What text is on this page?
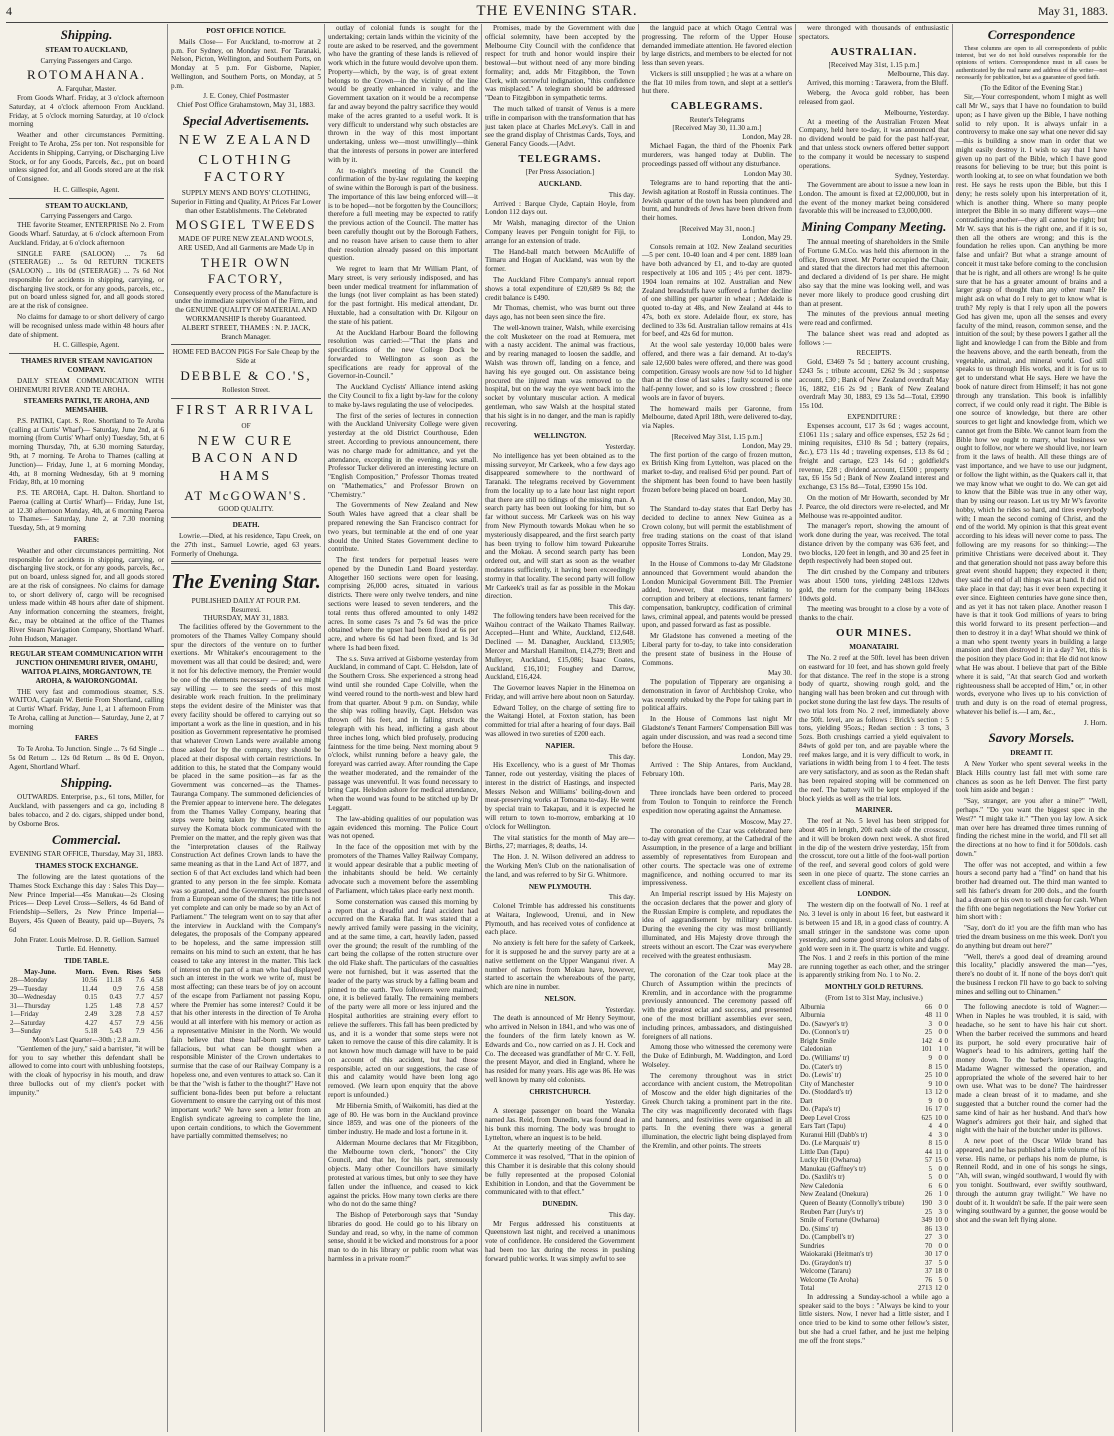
4	THE EVENING STAR.	May 31, 1883.
Shipping.
STEAM TO AUCKLAND,
Carrying Passengers and Cargo.
ROTOMAHANA.
A. Farquhar, Master.

From Goods Wharf. Friday, at 3 o'clock afternoon Saturday, at 4 o'clock afternoon From Auckland. Friday, at 5 o'clock morning Saturday, at 10 o'clock morning

Weather and other circumstances Permitting. Freight to Te Aroha, 25s per ton. Not responsible for Accidents in Shipping, Carrying, or Discharging Live Stock, or for any Goods, Parcels, &c., put on board unless signed for, and all Goods stored are at the risk of Consignee.

H. C. Gillespie, Agent.
STEAM TO AUCKLAND,
Carrying Passengers and Cargo.

THE favorite Steamer, ENTERPRISE No 2. From Goods Wharf. Saturday, at 6 o'clock afternoon From Auckland. Friday, at 6 o'clock afternoon

SINGLE FARE (SALOON) ... 7s 6d (STEERAGE) ... 5s 0d RETURN TICKETS (SALOON) ... 10s 0d (STEERAGE) ... 7s 6d Not responsible for accidents in shipping, carrying, or discharging live stock, or for any goods, parcels, etc., put on board unless signed for, and all goods stored are at the risk of consignee.

No claims for damage to or short delivery of cargo will be recognised unless made within 48 hours after date of shipment.

H. C. Gillespie, Agent.
THAMES RIVER STEAM NAVIGATION COMPANY.

DAILY STEAM COMMUNICATION WITH OHINEMURI RIVER AND TE AROHA.

STEAMERS PATIKI, TE AROHA, AND MEMSAHIB.

P.S. PATIKI, Capt. S. Roe. Shortland to Te Aroha (calling at Curtis' Wharf)— Saturday, June 2nd, at 6 morning (from Curtis' Wharf only) Tuesday, 5th, at 6 morning Thursday, 7th, at 6.30 morning Saturday, 9th, at 7 morning. Te Aroha to Thames (calling at Junction)— Friday, June 1, at 6 morning Monday, 4th, at 8 morning Wednesday, 6th at 9 morning Friday, 8th, at 10 morning

P.S. TE AROHA, Capt. H. Dalton. Shortland to Paeroa (calling at Curtis' Wharf)— Friday, June 1st, at 12.30 afternoon Monday, 4th, at 6 morning Paeroa to Thames— Saturday, June 2, at 7.30 morning Tuesday, 5th, at 9 morning

FARES:

Weather and other circumstances permitting. Not responsible for accidents in shipping, carrying, or discharging live stock, or for any goods, parcels, &c., put on board, unless signed for, and all goods stored are at the risk of consignees. No claims for damage to, or short delivery of, cargo will be recognised unless made within 48 hours after date of shipment. Any information concerning the steamers, freight, &c., may be obtained at the office of the Thames River Steam Navigation Company, Shortland Wharf. John Hudson, Manager.

REGULAR STEAM COMMUNICATION WITH JUNCTION OHINEMURI RIVER, OMAHU, WAITOA PLAINS, MORGANTOWN, TE AROHA, & WAIORONGOMAI.

THE very fast and commodious steamer, S.S. WAITOA, Captain W. Bettie From Shortland, calling at Curtis' Wharf. Friday, June 1, at 1 afternoon From Te Aroha, calling at Junction— Saturday, June 2, at 7 morning

FARES

To Te Aroha. To Junction. Single ... 7s 6d Single ... 5s 0d Return ... 12s 0d Return ... 8s 0d E. Onyon, Agent, Shortland Wharf.

Shipping.

OUTWARDS. Enterprise, p.s., 61 tons, Miller, for Auckland, with passengers and ca go, including 8 bales tobacco, and 2 do. cigars, shipped under bond, by Osborne Bros.

Commercial.
EVENING STAR OFFICE, Thursday, May 31, 1883.
THAMES STOCK EXCHANGE.

The following are the latest quotations of the Thames Stock Exchange this day : Sales This Day— New Prince Imperial—45s Manukau—2s Closing Prices— Deep Level Cross—Sellers, 4s 6d Band of Friendship—Sellers, 2s New Prince Imperial—Buyers, 45s Queen of Beauty, paid up—Buyers, 7s 6d

John Frater. Louis Melrose. D. R. Gellion. Samuel Turtle. Ed. Hennetty.
TIDE TABLE.
May-June.	Morn.	Even.	Rises	Sets
28—Monday	10.56	11.18	7.6	4.58
29—Tuesday	11.44	0.9	7.6	4.58
30—Wednesday	0.15	0.43	7.7	4.57
31—Thursday	1.25	1.48	7.8	4.57
1—Friday	2.49	3.28	7.8	4.57
2—Saturday	4.27	4.57	7.9	4.56
3—Sunday	5.18	5.43	7.9	4.56
Moon's Last Quarter—30th ; 2.8 a.m.

"Gentlemen of the jury," said a barrister, "it will be for you to say whether this defendant shall be allowed to come into court with unblushing footsteps, with the cloak of hypocrisy in his mouth, and draw three bullocks out of my client's pocket with impunity."

POST OFFICE NOTICE.

Mails Close— For Auckland, to-morrow at 2 p.m. For Sydney, on Monday next. For Taranaki, Nelson, Picton, Wellington, and Southern Ports, on Monday at 5 p.m. For Gisborne, Napier, Wellington, and Southern Ports, on Monday, at 5 p.m.

J. E. Coney, Chief Postmaster
Chief Post Office Grahamstown, May 31, 1883.
Special Advertisements.
NEW ZEALAND
CLOTHING FACTORY
SUPPLY MEN'S AND BOYS' CLOTHING, Superior in Fitting and Quality, At Prices Far Lower than other Establishments. The Celebrated
MOSGIEL TWEEDS
MADE OF PURE NEW ZEALAND WOOLS, ARE USED, And all Garments are Made Up in
THEIR OWN FACTORY,
Consequently every process of the Manufacture is under the immediate supervision of the Firm, and the GENUINE QUALITY OF MATERIAL AND WORKMANSHIP Is thereby Guaranteed.
ALBERT STREET, THAMES : N. P. JACK, Branch Manager.
HOME FED BACON PIGS For Sale Cheap by the Side at
DEBBLE & CO.'S,
Rolleston Street.
FIRST ARRIVAL
OF
NEW CURE BACON AND HAMS
AT McGOWAN'S.
GOOD QUALITY.
DEATH.

Lowrie.—Died, at his residence, Tapu Creek, on the 27th inst., Samuel Lowrie, aged 63 years. Formerly of Onehunga.

The Evening Star.
PUBLISHED DAILY AT FOUR P.M.
Resurrexi.
THURSDAY, MAY 31, 1883.

The facilities offered by the Government to the promoters of the Thames Valley Company should spur the directors of the venture on to further exertions. Mr Whitaker's encouragement to the movement was all that could be desired; and, were it not for his defective memory, the Premier would be one of the elements necessary — and we might say willing — to see the seeds of this most desirable work reach fruition. In the preliminary steps the evident desire of the Minister was that every facility should be offered to carrying out so important a work as the line in question, and in his position as Government representative he promised that whatever Crown Lands were available among those asked for by the company, they should be placed at their disposal with certain restrictions. In addition to this, he stated that the Company would be placed in the same position—as far as the Government was concerned—as the Thames-Tauranga Company. The summoned deficiencies of the Premier appear to intervene here. The delegates from the Thames Valley Company, hearing that steps were being taken by the Government to survey the Komata block communicated with the Premier on the matter, and the reply given was that the "interpretation clauses of the Railway Construction Act defines Crown lands to have the same meaning as that in the Land Act of 1877, and section 6 of that Act excludes land which had been granted to any person in the fee simple. Komata was so granted, and the Government has purchased from a European some of the shares; the title is not yet complete and can only be made so by an Act of Parliament." The telegram went on to say that after the interview in Auckland with the Company's delegates, the proposals of the Company appeared to be hopeless, and the same impression still remains on his mind to such an extent, that he has ceased to take any interest in the matter. This lack of interest on the part of a man who had displayed such an interest in the work we write of, must be most affecting; can these tears be of joy on account of the escape from Parliament not passing Kopu, where the Premier has some interest? Could it be that his other interests in the direction of Te Aroha would at all interfere with his memory or action as a representative Minister in the North. We would fain believe that these half-born surmises are fallacious, but what can be thought when a responsible Minister of the Crown undertakes to surmise that the case of our Railway Company is a hopeless one, and even ventures to attack so. Can it be that the "wish is father to the thought?" Have not sufficient bona-fides been put before a reluctant Government to ensure the carrying out of this most important work? We have seen a letter from an English syndicate agreeing to complete the line, upon certain conditions, to which the Government have partially committed themselves; no

outlay of colonial funds is sought for the undertaking; certain lands within the vicinity of the route are asked to be reserved, and the government who have the granting of these lands is relieved of work which in the future would devolve upon them. Property—which, by the way, is of great extent belongs to the Crown—in the vicinity of the line would be greatly enhanced in value, and the Government taxation on it would be a recompense far and away beyond the paltry sacrifice they would make of the acres granted to a useful work. It is very difficult to understand why such obstacles are thrown in the way of this most important undertaking, unless we—most unwillingly—think that the interests of persons in power are interfered with by it.

At to-night's meeting of the Council the confirmation of the by-law regulating the keeping of swine within the Borough is part of the business. The importance of this law being enforced will—it is to be hoped—not be forgotten by the Councillors; therefore a full meeting may be expected to ratify the previous action of the Council. The matter has been carefully thought out by the Borough Fathers, and no reason have arisen to cause them to alter their resolution already passed on this important question.

We regret to learn that Mr William Plant, of Mary street, is very seriously indisposed, and has been under medical treatment for inflammation of the lungs (not liver complaint as has been stated) for the past fortnight. His medical attendant, Dr. Huxtable, had a consultation with Dr. Kilgour on the state of his patient.

At the Auckland Harbour Board the following resolution was carried:—"That the plans and specifications of the new College Dock be forwarded to Wellington as soon as the specifications are ready for approval of the Governor-in-Council."

The Auckland Cyclists' Alliance intend asking the City Council to fix a light by-law for the colony to make by-laws regulating the use of velocipedes.

The first of the series of lectures in connection with the Auckland University College were given yesterday at the old District Courthouse, Eden street. According to previous announcement, there was no charge made for admittance, and yet the attendance, excepting in the evening, was small. Professor Tucker delivered an interesting lecture on "English Composition," Professor Thomas treated on "Mathematics," and Professor Brown on "Chemistry."

The Governments of New Zealand and New South Wales have agreed that a clear shall be prepared renewing the San Francisco contract for two years, but terminable at the end of one year should the United States Government decline to contribute.

The first tenders for perpetual leases were opened by the Dunedin Land Board yesterday. Altogether 160 sections were open for leasing, comprising 26,000 acres, situated in various districts. There were only twelve tenders, and nine sections were leased to seven tenderers, and the total rents thus offered amounted to only 1492 acres. In some cases 7s and 7s 6d was the price obtained where the upset had been fixed at 6s per acre, and where 6s 6d had been fixed, and 1s 3d where 1s had been fixed.

The s.s. Suva arrived at Gisborne yesterday from Auckland, in command of Capt. C. Helsdon, late of the Southern Cross. She experienced a strong head wind until she rounded Cape Colville, when the wind veered round to the north-west and blew hard from that quarter. About 9 p.m. on Sunday, while the ship was rolling heavily, Capt. Helsdon was thrown off his feet, and in falling struck the telegraph with his head, inflicting a gash about three inches long, which bled profusely, producing faintness for the time being. Next morning about 9 o'clock, whilst running before a heavy gale, the foreyard was carried away. After rounding the Cape the weather moderated, and the remainder of the passage was uneventful. It was found necessary to bring Capt. Helsdon ashore for medical attendance, when the wound was found to be stitched up by Dr Leggatt.

The law-abiding qualities of our population was again evidenced this morning. The Police Court was not opened.

In the face of the opposition met with by the promoters of the Thames Valley Railway Company, it would appear desirable that a public meeting of the inhabitants should be held. We certainly advocate such a movement before the assembling of Parliament, which takes place early next month.

Some consternation was caused this morning by a report that a dreadful and fatal accident had occurred on the Karaka flat. It was stated that a newly arrived family were passing in the vicinity, and at the same time, a cart, heavily laden, passed over the ground; the result of the rumbling of the cart being the collapse of the rotten structure over the old Flake shaft. The particulars of the casualties were not furnished, but it was asserted that the leader of the party was struck by a falling beam and pinned to the earth. Two followers were maimed; one, it is believed fatally. The remaining members of the party were all more or less injured and the Hospital authorities are straining every effort to relieve the sufferers. This fall has been predicted by us, and it is a wonder that some steps were not taken to remove the cause of this dire calamity. It is not known how much damage will have to be paid on account of this accident, but had those responsible, acted on our suggestions, the case of this and calamity would have been long ago removed. (We learn upon enquiry that the above report is unfounded.)

Mr Hibernia Smith, of Waikomiti, has died at the age of 80. He was born in the Auckland province since 1859, and was one of the pioneers of the timber industry. He made and lost a fortune in it.

Alderman Mourne declares that Mr Fitzgibbon, the Melbourne town clerk, "honors" the City Council, and that he, for his part, strenuously objects. Many other Councillors have similarly protested at various times, but only to see they have fallen under the influence, and ceased to kick against the pricks. How many town clerks are there who do not do the same thing?

The Bishop of Peterborough says that "Sunday libraries do good. He could go to his library on Sunday and read, so why, in the name of common sense, should it be wicked and monstrous for a poor man to do in his library or public room what was harmless in a private room?"

Promises, made by the Government with due official solemnity, have been accepted by the Melbourne City Council with the confidence that respect for truth and honor would inspire their bestowal—but without need of any more binding formality; and, adds Mr Fitzgibbon, the Town Clerk, with sorrowful indignation, "this confidence was misplaced." A telegram should be addressed "Dean to Fitzgibbon in sympathetic terms.

The much talked of transit of Venus is a mere trifle in comparison with the transformation that has just taken place at Charles McLevy's. Call in and see the grand display of Christmas Cards, Toys, and General Fancy Goods.—[Advt.

TELEGRAMS.
[Per Press Association.]
AUCKLAND.
This day.

Arrived : Barque Clyde, Captain Hoyle, from London 112 days out.

Mr Walsh, managing director of the Union Company leaves per Penguin tonight for Fiji, to arrange for an extension of trade.

The Hand-ball match between McAuliffe of Timaru and Hogan of Auckland, was won by the former.

The Auckland Fibre Company's annual report shows a total expenditure of £20,689 9s 8d; the credit balance is £490.

Mr Thomas, chemist, who was burnt out three days ago, has not been seen since the fire.

The well-known trainer, Walsh, while exercising the colt Musketeer on the road at Remuera, met with a nasty accident. The animal was fractious, and by rearing managed to loosen the saddle, and Walsh was thrown off, landing on a fence, and having his eye gouged out. On assistance being procured the injured man was removed to the hospital, but on the way the eye went back into the socket by voluntary muscular action. A medical gentleman, who saw Walsh at the hospital stated that his sight is in no danger, and the man is rapidly recovering.

WELLINGTON.
Yesterday.

No intelligence has yet been obtained as to the missing surveyor, Mr Carkeek, who a few days ago disappeared somewhere to the northward of Taranaki. The telegrams received by Government from the locality up to a late hour last night report that there are still no tidings of the missing man. A search party has been out looking for him, but so far without success. Mr Carkeek was on his way from New Plymouth towards Mokau when he so mysteriously disappeared, and the first search party has been trying to follow him toward Pukearuhe and the Mokau. A second search party has been ordered out, and will start as soon as the weather moderates sufficiently, it having been exceedingly stormy in that locality. The second party will follow Mr Carkeek's trail as far as possible in the Mokau direction.

This day.

The following tenders have been received for the Waihou contract of the Waikato Thames Railway. Accepted—Hunt and White, Auckland, £12,648. Declined — M. Danagher, Auckland, £13,905; Mercer and Marshall Hamilton, £14,279; Brett and Mulleyer, Auckland, £15,086; Isaac Coates, Auckland, £16,101; Foughey and Darrow, Auckland, £16,424.

The Governor leaves Napier in the Hinemoa on Friday, and will arrive here about noon on Saturday.

Edward Tolley, on the charge of setting fire to the Waitangi Hotel, at Foxton station, has been committed for trial after a hearing of four days. Bail was allowed in two sureties of £200 each.

NAPIER.
This day.

His Excellency, who is a guest of Mr Thomas Tanner, rode out yesterday, visiting the places of interest in the district of Hastings, and inspected Messrs Nelson and Williams' boiling-down and meat-preserving works at Tomoana to-day. He went by special train to Takapau, and it is expected he will return to town to-morrow, embarking at 10 o'clock for Wellington.

The vital statistics for the month of May are—Births, 27; marriages, 8; deaths, 14.

The Hon. J. N. Wilson delivered an address to the Working Men's Club on the nationalisation of the land, and was referred to by Sir G. Whitmore.

NEW PLYMOUTH.
This day.

Colonel Trimble has addressed his constituents at Waitara, Inglewood, Urenui, and in New Plymouth, and has received votes of confidence at each place.

No anxiety is felt here for the safety of Carkeek, for it is supposed he and the survey party are at a native settlement on the Upper Wanganui river. A number of natives from Mokau have, however, started to ascertain the whereabouts of the party, which are nine in number.

NELSON.
Yesterday.

The death is announced of Mr Henry Seymour, who arrived in Nelson in 1841, and who was one of the founders of the firm lately known as W. Edwards and Co., now carried on as J. H. Cock and Co. The deceased was grandfather of Mr C. Y. Fell, the present Mayor, and died in England, where he has resided for many years. His age was 86. He was well known by many old colonists.

CHRISTCHURCH.
Yesterday.

A steerage passenger on board the Wanaka named Jas. Reid, from Dunedin, was found dead in his bunk this morning. The body was brought to Lyttelton, where an inquest is to be held.

At the quarterly meeting of the Chamber of Commerce it was resolved, "That in the opinion of this Chamber it is desirable that this colony should be fully represented at the proposed Colonial Exhibition in London, and that the Government be communicated with to that effect."

DUNEDIN.
This day.

Mr Fergus addressed his constituents at Queenstown last night, and received a unanimous vote of confidence. He considered the Government had been too lax during the recess in pushing forward public works. It was simply awful to see

the languid pace at which Otago Central was progressing. The reform of the Upper House demanded immediate attention. He favored election by large districts, and members to be elected for not less than seven years.

Vickers is still unsupplied ; he was at a whare on the flat 10 miles from town, and slept at a settler's hut there.

CABLEGRAMS.
Reuter's Telegrams
[Received May 30, 11.30 a.m.]
London, May 28.

Michael Fagan, the third of the Phoenix Park murderers, was hanged today at Dublin. The proceedings passed off without any disturbance.

London May 30.

Telegrams are to hand reporting that the anti-Jewish agitation at Rostoff in Russia continues. The Jewish quarter of the town has been plundered and burnt, and hundreds of Jews have been driven from their homes.

[Received May 31, noon.]
London, May 29.

Consols remain at 102. New Zealand securities—5 per cent. 10-40 loan and 4 per cent. 1889 loan have both advanced by £1, and to-day are quoted respectively at 106 and 105 ; 4½ per cent. 1879-1904 loan remains at 102. Australian and New Zealand breadstuffs have suffered a further decline of one shilling per quarter in wheat ; Adelaide is quoted to-day at 48s, and New Zealand at 44s to 47s, both ex store. Adelaide flour, ex store, has declined to 33s 6d. Australian tallow remains at 41s for beef, and 42s 6d for mutton.

At the wool sale yesterday 10,000 bales were offered, and there was a fair demand. At to-day's sale 12,600 bales were offered, and there was good competition. Greasy wools are now ½d to 1d higher than at the close of last sales ; faulty scoured is one half-penny lower, and so is low crossbred ; fleece wools are in favor of buyers.

The homeward mails per Garonne, from Melbourne, dated April 18th, were delivered to-day, via Naples.

[Received May 31st, 1.15 p.m.]
London, May 29.

The first portion of the cargo of frozen mutton, ex British King from Lyttelton, was placed on the market to-day, and realised 6½d per pound. Part of the shipment has been found to have been hastily frozen before being placed on board.

London, May 30.

The Standard to-day states that Earl Derby has decided to decline to annex New Guinea as a Crown colony, but will permit the establishment of free trading stations on the coast of that island opposite Torres Straits.

London, May 29.

In the House of Commons to-day Mr Gladstone announced that Government would abandon the London Municipal Government Bill. The Premier added, however, that measures relating to corruption and bribery at elections, tenant farmers' compensation, bankruptcy, codification of criminal laws, criminal appeal, and patents would be pressed upon, and passed forward as fast as possible.

Mr Gladstone has convened a meeting of the Liberal party for to-day, to take into consideration the present state of business in the House of Commons.

May 30.

The population of Tipperary are organising a demonstration in favor of Archbishop Croke, who was recently rebuked by the Pope for taking part in political affairs.

In the House of Commons last night Mr Gladstone's Tenant Farmers' Compensation Bill was again under discussion, and was read a second time before the House.

London, May 29.

Arrived : The Ship Antares, from Auckland, February 10th.

Paris, May 28.

Three ironclads have been ordered to proceed from Toulon to Tonquin to reinforce the French expedition now operating against the Annamese.

Moscow, May 27.

The coronation of the Czar was celebrated here to-day with great ceremony, at the Cathedral of the Assumption, in the presence of a large and brilliant assembly of representatives from European and other courts. The spectacle was one of extreme magnificence, and nothing occurred to mar its impressiveness.

An Imperial rescript issued by His Majesty on the occasion declares that the power and glory of the Russian Empire is complete, and repudiates the idea of aggrandisement by military conquest. During the evening the city was most brilliantly illuminated, and His Majesty drove through the streets without an escort. The Czar was everywhere received with the greatest enthusiasm.

May 28.

The coronation of the Czar took place at the Church of Assumption within the precincts of Kremlin, and in accordance with the programme previously announced. The ceremony passed off with the greatest eclat and success, and presented one of the most brilliant assemblies ever seen, including princes, ambassadors, and distinguished foreigners of all nations.

Among those who witnessed the ceremony were the Duke of Edinburgh, M. Waddington, and Lord Wolseley.

The ceremony throughout was in strict accordance with ancient custom, the Metropolitan of Moscow and the elder high dignitaries of the Greek Church taking a prominent part in the rite. The city was magnificently decorated with flags and banners, and festivities were organised in all parts. In the evening there was a general illumination, the electric light being displayed from the Kremlin, and other points. The streets

were thronged with thousands of enthusiastic spectators.

AUSTRALIAN.
[Received May 31st, 1.15 p.m.]
Melbourne, This day.

Arrived, this morning : Tarawera, from the Bluff.

Weberg, the Avoca gold robber, has been released from gaol.

Melbourne, Yesterday.

At a meeting of the Australian Frozen Meat Company, held here to-day, it was announced that no dividend would be paid for the past half-year, and that unless stock owners offered better support to the company it would be necessary to suspend operations.

Sydney, Yesterday.

The Government are about to issue a new loan in London. The amount is fixed at £2,000,000, but in the event of the money market being considered favorable this will be increased to £3,000,000.

Mining Company Meeting.

The annual meeting of shareholders in the Smile of Fortune G.M.Co. was held this afternoon in the office, Brown street. Mr Porter occupied the Chair, and stated that the directors had met this afternoon and declared a dividend of 1s per share. He might also say that the mine was looking well, and was never more likely to produce good crushing dirt than at present.

The minutes of the previous annual meeting were read and confirmed.

The balance sheet was read and adopted as follows :—

RECEIPTS.

Gold, £3469 7s 5d ; battery account crushing, £243 5s ; tribute account, £262 9s 3d ; suspense account, £30 ; Bank of New Zealand overdraft May 16, 1882, £16 2s 9d ; Bank of New Zealand overdraft May 30, 1883, £9 13s 5d—Total, £3990 15s 10d.

EXPENDITURE :

Expenses account, £17 3s 6d ; wages account, £1061 11s ; salary and office expenses, £52 2s 6d ; mining requisites, £310 8s 5d ; battery (repairs, &c.), £73 11s 4d ; traveling expenses, £13 8s 6d ; freight and cartage, £23 14s 6d ; goldfield's revenue, £28 ; dividend account, £1500 ; property tax, £6 15s 5d ; Bank of New Zealand interest and exchange, £3 15s 8d—Total, £3990 15s 10d.

On the motion of Mr Howarth, seconded by Mr J. Pearce, the old directors were re-elected, and Mr Melhouse was re-appointed auditor.

The manager's report, showing the amount of work done during the year, was received. The total distance driven by the company was 636 feet, and two blocks, 120 feet in length, and 30 and 25 feet in depth respectively had been stoped out.

The dirt crushed by the Company and tributers was about 1500 tons, yielding 2481ozs 12dwts gold, the return for the company being 1843ozs 10dwts gold.

The meeting was brought to a close by a vote of thanks to the chair.

OUR MINES.
MOANATAIRI.

The No. 2 reef at the 50ft. level has been driven on eastward for 10 feet, and has shown gold freely for that distance. The reef in the stope is a strong body of quartz, showing rough gold, and the hanging wall has been broken and cut through with pocket stone during the last few days. The results of two trial lots from No. 2 reef, immediately above the 50ft. level, are as follows : Brick's section : 5 tons, yielding 95ozs.; Redan section : 3 tons, 3 5ozs. Both crushings carried a yield equivalent to 84wts of gold per ton, and are payable where the reef makes large, and it is very difficult to work, in variations in width being from 1 to 4 feet. The tests are very satisfactory, and as soon as the Redan shaft has been repaired stoping will be commenced on the reef. The battery will be kept employed if the block yields as well as the trial lots.

MARINER.

The reef at No. 5 level has been stripped for about 405 in length, 20ft each side of the crosscut, and it will be broken down next week. A shot fired in the dip of the western drive yesterday, 15ft from the crosscut, tore out a little of the foot-wall portion of the reef, and several good colors of gold were seen in one piece of quartz. The stone carries an excellent class of mineral.

LONDON.

The western dip on the footwall of No. 1 reef at No. 3 level is only in about 16 feet, but eastward it is between 15 and 18, in a good class of country. A small stringer in the sandstone was come upon yesterday, and some good strong colors and dabs of gold were seen in it. The quartz is white and vuggy. The Nos. 1 and 2 reefs in this portion of the mine are running together as each other, and the stringer is apparently striking from No. 1 to No. 2.

MONTHLY GOLD RETURNS.
(From 1st to 31st May, inclusive.)
Alburnia	66	0	0
Alburnia	48	11	0
Do. (Sawyer's tr)	3	0	0
Do. (Connon's tr)	25	0	0
Bright Smile	142	4	0
Caledonian	101	1	0
Do. (Williams' tr)	9	0	0
Do. (Cater's tr)	8	15	0
Do. (Lewis' tr)	25	10	0
City of Manchester	9	10	0
Do. (Stoddard's tr)	13	12	0
Dart	9	0	0
Do. (Papa's tr)	16	17	0
Deep Level Cross	625	10	0
Ears Tart (Tapu)	4	4	0
Kuranui Hill (Dabb's tr)	4	3	0
Do. (Le Marquais' tr)	8	15	0
Little Dan (Tapu)	44	11	0
Lucky Hit (Owharoa)	57	15	0
Manukau (Gaffney's tr)	5	0	0
Do. (Saxlih's tr)	5	0	0
New Caledonia	6	6	0
New Zealand (Onekura)	26	1	0
Queen of Beauty (Connolly's tribute)	190	3	0
Reuben Parr (Jury's tr)	25	3	0
Smile of Fortune (Owharoa)	349	10	0
Do. (Sims' tr)	86	13	0
Do. (Campbell's tr)	27	3	0
Sundries	70	0	0
Waiokaraki (Heitman's tr)	30	17	0
Do. (Graydon's tr)	37	5	0
Welcome (Tararu)	37	18	0
Welcome (Te Aroha)	76	5	0
Total	2713	12	0

In addressing a Sunday-school a while ago a speaker said to the boys : "Always be kind to your little sisters. Now, I never had a little sister, and I once tried to be kind to some other fellow's sister, but she had a cruel father, and he just me helping me off the front steps."

Correspondence

These columns are open to all correspondents of public interest, but we do not hold ourselves responsible for the opinions of writers. Correspondence must in all cases be authenticated by the real name and address of the writer—not necessarily for publication, but as a guarantee of good faith.

(To the Editor of the Evening Star.)

Sir,—Your correspondent, whom I might as well call Mr W., says that I have no foundation to build upon; as I have given up the Bible, I have nothing solid to rely upon. It is always unfair in a controversy to make one say what one never did say—this is building a snow man in order that we might easily destroy it. I wish to say that I have given up no part of the Bible, which I have good reasons for believing to be true; but this point is worth looking at, to see on what foundation we both rest. He says he rests upon the Bible, but this I deny; he rests solely upon his interpretation of it, which is another thing. Where so many people interpret the Bible in so many different ways—one contradicting another—they all cannot be right; but Mr W. says that his is the right one, and if it is so, then all the others are wrong; and this is the foundation he relies upon. Can anything be more false and unfair? But what a strange amount of conceit it must take before coming to the conclusion that he is right, and all others are wrong! Is he quite sure that he has a greater amount of brains and a larger grasp of thought than any other man? He might ask on what do I rely to get to know what is truth? My reply is that I rely upon all the powers God has given me, upon all the senses and every faculty of the mind, reason, common sense, and the intuition of the soul; by these powers I gather all the light and knowledge I can from the Bible and from the heavens above, and the earth beneath, from the vegetable, animal, and mineral world. God still speaks to us through His works, and it is for us to get to understand what He says. Here we have the book of nature direct from Himself; it has not gone through any translation. This book is infallibly correct, if we could only read it right. The Bible is one source of knowledge, but there are other sources to get light and knowledge from, which we cannot get from the Bible. We cannot learn from the Bible how we ought to marry, what business we ought to follow, nor where we should live, nor learn from it the laws of health. All these things are of vast importance, and we have to use our judgment, or follow the light within, as the Quakers call it, that we may know what we ought to do. We can get aid to know that the Bible was true in any other way, than by using our reason. Let us try Mr W's favorite hobby, which he rides so hard, and tires everybody with; I mean the second coming of Christ, and the end of the world. My opinion is that this great event according to his ideas will never come to pass. The following are my reasons for so thinking:—The primitive Christians were deceived about it. They and that generation should not pass away before this great event should happen; they expected it then; they said the end of all things was at hand. It did not take place in that day; has it ever been expecting it ever since. Eighteen centuries have gone since then, and as yet it has not taken place. Another reason I have is that it took God millions of years to bring this world forward to its present perfection—and then to destroy it in a day! What should we think of a man who spent twenty years in building a large mansion and then destroyed it in a day? Yet, this is the position they place God in: that He did not know what He was about. I believe that part of the Bible where it is said, "At that search God and worketh righteousness shall be accepted of Him," or, in other words, everyone who lives up to his conviction of truth and duty is on the road of eternal progress, whatever his belief is.—I am, &c.,

J. Horn.
Savory Morsels.
DREAMT IT.

A New Yorker who spent several weeks in the Black Hills country last fall met with some rare chances as soon as he left Denver. The first party took him aside and began :

"Say, stranger, are you after a mine?" "Well, perhaps." "Do you want the biggest spec in the West?" "I might take it." "Then you lay low. A sick man over here has dreamed three times running of finding the richest mine in the world, and I'll set all the directions at no how to find it for 500dols. cash down."

The offer was not accepted, and within a few hours a second party had a "find" on hand that his brother had dreamed out. The third man wanted to sell his father's dream for 200 dols., and the fourth had a dream or his own to sell cheap for cash. When the fifth one began negotiations the New Yorker cut him short with :

"Say, don't do it! you are the fifth man who has tried the dream business on me this week. Don't you do anything but dream out here?"

"Well, there's a good deal of dreaming around this locality," placidly answered the man—"yes, there's no doubt of it. If none of the boys don't quit the business I reckon I'll have to go back to solving mines and selling out to Chinamen."

The following anecdote is told of Wagner:—When in Naples he was troubled, it is said, with headache, so he sent to have his hair cut short. When the barber received the summons and heard its purport, he sold every procurative hair of Wagner's head to his admirers, getting half the money down. To the barber's intense chagrin, Madame Wagner witnessed the operation, and appropriated the whole of the severed hair to her own use. What was to be done? The hairdresser made a clean breast of it to madame, and she suggested that a butcher round the corner had the same kind of hair as her husband. And that's how Wagner's admirers got their hair, and sighed that night with the hair of the butcher under its pillows.

A new poet of the Oscar Wilde brand has appeared, and he has published a little volume of his verse. His name, or perhaps his nom de plume, is Renneil Rodd, and in one of his songs he sings, "Ah, will swan, wingéd southward, I would fly with you tonight. Southward, ever swiftly southward, through the autumn gray twilight." We have no doubt of it. It wouldn't be safe. If the pair were seen winging southward by a gunner, the goose would be shot and the swan left flying alone.
